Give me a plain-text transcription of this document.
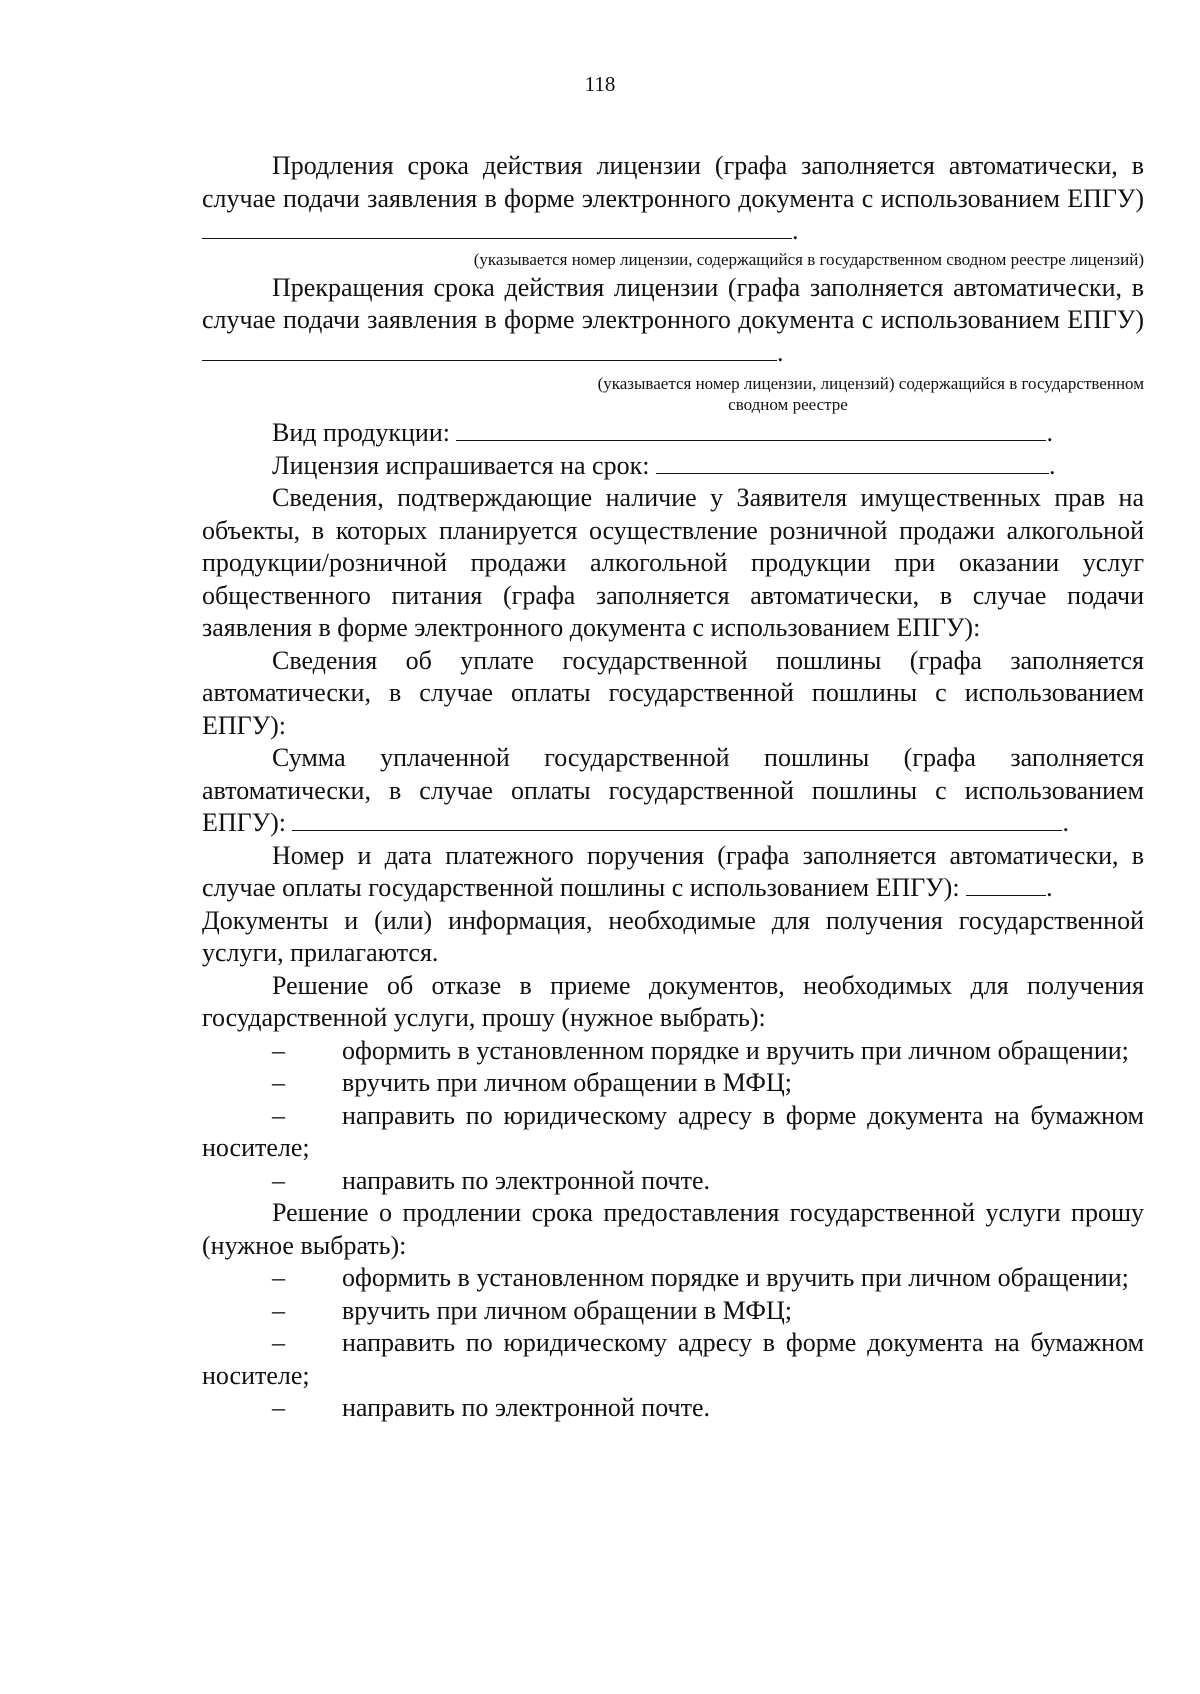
118

Продления срока действия лицензии (графа заполняется автоматически, в случае подачи заявления в форме электронного документа с использованием ЕПГУ) .

(указывается номер лицензии, содержащийся в государственном сводном реестре лицензий)

Прекращения срока действия лицензии (графа заполняется автоматически, в случае подачи заявления в форме электронного документа с использованием ЕПГУ) .

(указывается номер лицензии, лицензий) содержащийся в государственном
сводном реестре

Вид продукции:	.

Лицензия испрашивается на срок:	.

Сведения, подтверждающие наличие у Заявителя имущественных прав на объекты, в которых планируется осуществление розничной продажи алкогольной продукции/розничной продажи алкогольной продукции при оказании услуг общественного питания (графа заполняется автоматически, в случае подачи заявления в форме электронного документа с использованием ЕПГУ):

Сведения об уплате государственной пошлины (графа заполняется автоматически, в случае оплаты государственной пошлины с использованием ЕПГУ):

Сумма уплаченной государственной пошлины (графа заполняется автоматически, в случае оплаты государственной пошлины с использованием ЕПГУ):	.

Номер и дата платежного поручения (графа заполняется автоматически, в случае оплаты государственной пошлины с использованием ЕПГУ):	.

Документы и (или) информация, необходимые для получения государственной услуги, прилагаются.

Решение об отказе в приеме документов, необходимых для получения государственной услуги, прошу (нужное выбрать):

– оформить в установленном порядке и вручить при личном обращении;

– вручить при личном обращении в МФЦ;

– направить по юридическому адресу в форме документа на бумажном носителе;

– направить по электронной почте.

Решение о продлении срока предоставления государственной услуги прошу (нужное выбрать):

– оформить в установленном порядке и вручить при личном обращении;

– вручить при личном обращении в МФЦ;

– направить по юридическому адресу в форме документа на бумажном носителе;

– направить по электронной почте.
